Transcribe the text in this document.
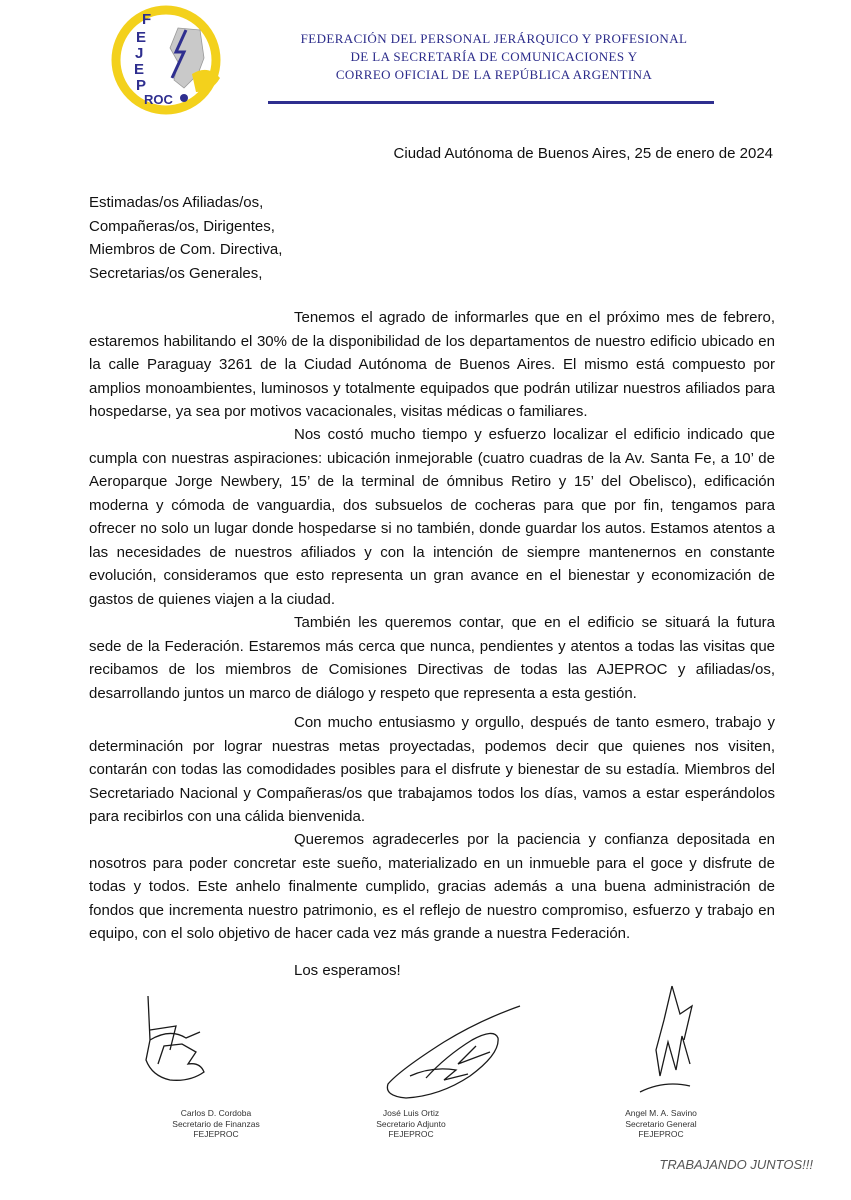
F
E
J
E
P
ROC
FEDERACIÓN DEL PERSONAL JERÁRQUICO Y PROFESIONAL
DE LA SECRETARÍA DE COMUNICACIONES Y
CORREO OFICIAL DE LA REPÚBLICA ARGENTINA
Ciudad Autónoma de Buenos Aires, 25 de enero de 2024
Estimadas/os Afiliadas/os,
Compañeras/os, Dirigentes,
Miembros de Com. Directiva,
Secretarias/os Generales,

Tenemos el agrado de informarles que en el próximo mes de febrero, estaremos habilitando el 30% de la disponibilidad de los departamentos de nuestro edificio ubicado en la calle Paraguay 3261 de la Ciudad Autónoma de Buenos Aires. El mismo está compuesto por amplios monoambientes, luminosos y totalmente equipados que podrán utilizar nuestros afiliados para hospedarse, ya sea por motivos vacacionales, visitas médicas o familiares.

Nos costó mucho tiempo y esfuerzo localizar el edificio indicado que cumpla con nuestras aspiraciones: ubicación inmejorable (cuatro cuadras de la Av. Santa Fe, a 10’ de Aeroparque Jorge Newbery, 15’ de la terminal de ómnibus Retiro y 15’ del Obelisco), edificación moderna y cómoda de vanguardia, dos subsuelos de cocheras para que por fin, tengamos para ofrecer no solo un lugar donde hospedarse si no también, donde guardar los autos. Estamos atentos a las necesidades de nuestros afiliados y con la intención de siempre mantenernos en constante evolución, consideramos que esto representa un gran avance en el bienestar y economización de gastos de quienes viajen a la ciudad.

También les queremos contar, que en el edificio se situará la futura sede de la Federación. Estaremos más cerca que nunca, pendientes y atentos a todas las visitas que recibamos de los miembros de Comisiones Directivas de todas las AJEPROC y afiliadas/os, desarrollando juntos un marco de diálogo y respeto que representa a esta gestión.

Con mucho entusiasmo y orgullo, después de tanto esmero, trabajo y determinación por lograr nuestras metas proyectadas, podemos decir que quienes nos visiten, contarán con todas las comodidades posibles para el disfrute y bienestar de su estadía. Miembros del Secretariado Nacional y Compañeras/os que trabajamos todos los días, vamos a estar esperándolos para recibirlos con una cálida bienvenida.

Queremos agradecerles por la paciencia y confianza depositada en nosotros para poder concretar este sueño, materializado en un inmueble para el goce y disfrute de todas y todos. Este anhelo finalmente cumplido, gracias además a una buena administración de fondos que incrementa nuestro patrimonio, es el reflejo de nuestro compromiso, esfuerzo y trabajo en equipo, con el solo objetivo de hacer cada vez más grande a nuestra Federación.

Los esperamos!
Carlos D. Cordoba
Secretario de Finanzas
FEJEPROC
José Luis Ortiz
Secretario Adjunto
FEJEPROC
Angel M. A. Savino
Secretario General
FEJEPROC
TRABAJANDO JUNTOS!!!
